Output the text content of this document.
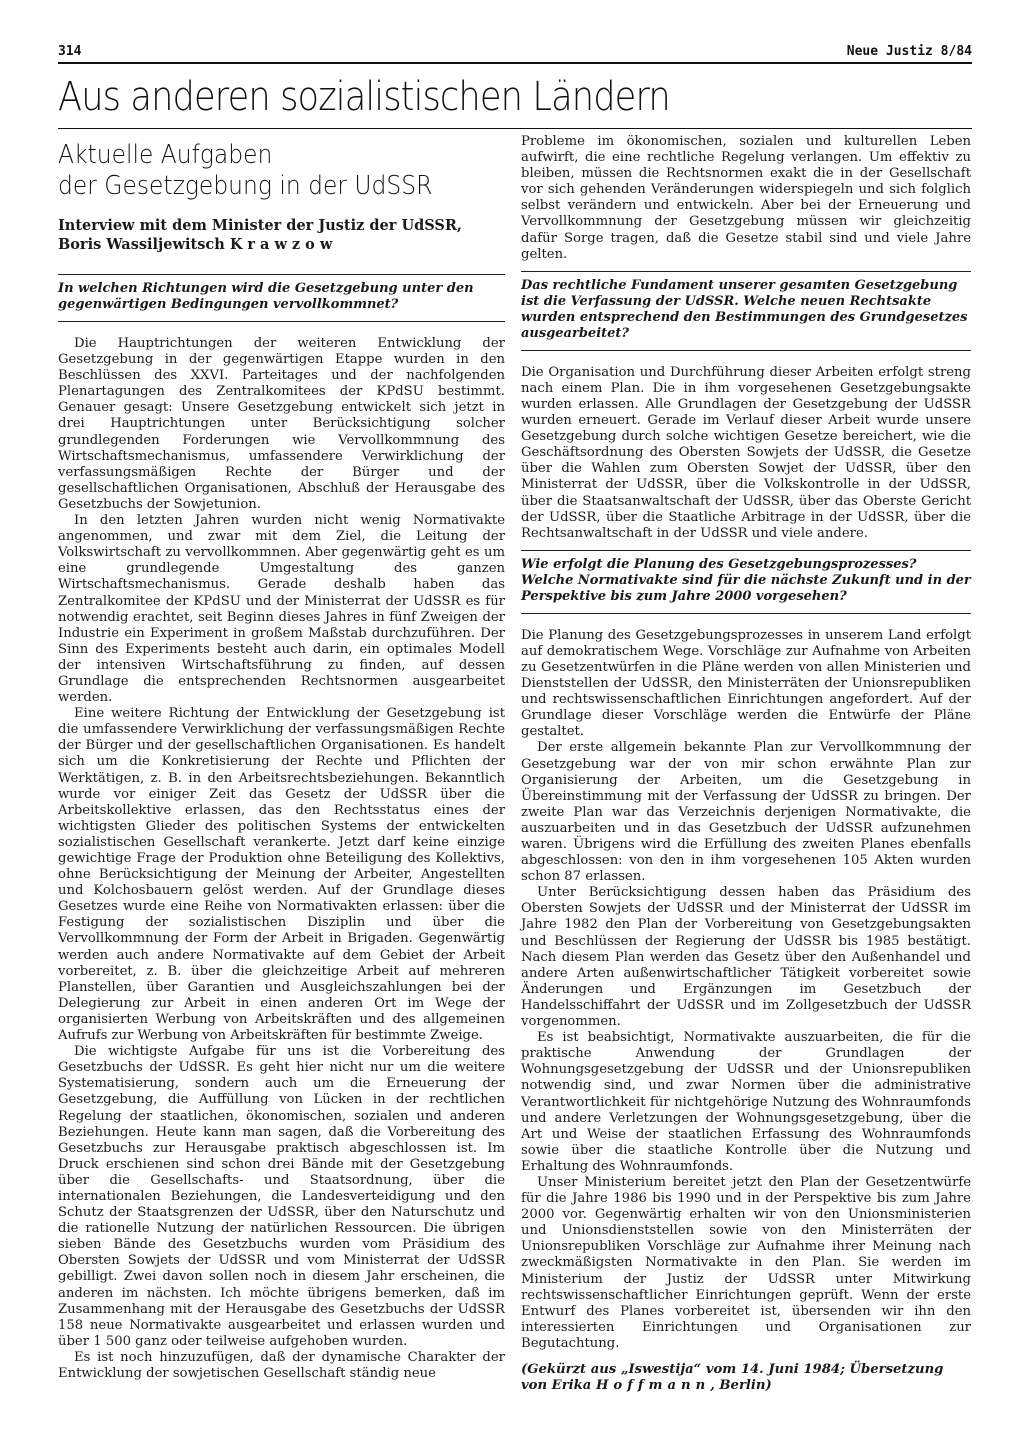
314	Neue Justiz 8/84
Aus anderen sozialistischen Ländern
Aktuelle Aufgaben
der Gesetzgebung in der UdSSR
Interview mit dem Minister der Justiz der UdSSR,
Boris Wassiljewitsch Krawzow
In welchen Richtungen wird die Gesetzgebung unter den gegenwärtigen Bedingungen vervollkommnet?

Die Hauptrichtungen der weiteren Entwicklung der Gesetzgebung in der gegenwärtigen Etappe wurden in den Beschlüssen des XXVI. Parteitages und der nachfolgenden Plenartagungen des Zentralkomitees der KPdSU bestimmt. Genauer gesagt: Unsere Gesetzgebung entwickelt sich jetzt in drei Hauptrichtungen unter Berücksichtigung solcher grundlegenden Forderungen wie Vervollkommnung des Wirtschaftsmechanismus, umfassendere Verwirklichung der verfassungsmäßigen Rechte der Bürger und der gesellschaftlichen Organisationen, Abschluß der Herausgabe des Gesetzbuchs der Sowjetunion.

In den letzten Jahren wurden nicht wenig Normativakte angenommen, und zwar mit dem Ziel, die Leitung der Volkswirtschaft zu vervollkommnen. Aber gegenwärtig geht es um eine grundlegende Umgestaltung des ganzen Wirtschaftsmechanismus. Gerade deshalb haben das Zentralkomitee der KPdSU und der Ministerrat der UdSSR es für notwendig erachtet, seit Beginn dieses Jahres in fünf Zweigen der Industrie ein Experiment in großem Maßstab durchzuführen. Der Sinn des Experiments besteht auch darin, ein optimales Modell der intensiven Wirtschaftsführung zu finden, auf dessen Grundlage die entsprechenden Rechtsnormen ausgearbeitet werden.

Eine weitere Richtung der Entwicklung der Gesetzgebung ist die umfassendere Verwirklichung der verfassungsmäßigen Rechte der Bürger und der gesellschaftlichen Organisationen. Es handelt sich um die Konkretisierung der Rechte und Pflichten der Werktätigen, z. B. in den Arbeitsrechtsbeziehungen. Bekanntlich wurde vor einiger Zeit das Gesetz der UdSSR über die Arbeitskollektive erlassen, das den Rechtsstatus eines der wichtigsten Glieder des politischen Systems der entwickelten sozialistischen Gesellschaft verankerte. Jetzt darf keine einzige gewichtige Frage der Produktion ohne Beteiligung des Kollektivs, ohne Berücksichtigung der Meinung der Arbeiter, Angestellten und Kolchosbauern gelöst werden. Auf der Grundlage dieses Gesetzes wurde eine Reihe von Normativakten erlassen: über die Festigung der sozialistischen Disziplin und über die Vervollkommnung der Form der Arbeit in Brigaden. Gegenwärtig werden auch andere Normativakte auf dem Gebiet der Arbeit vorbereitet, z. B. über die gleichzeitige Arbeit auf mehreren Planstellen, über Garantien und Ausgleichszahlungen bei der Delegierung zur Arbeit in einen anderen Ort im Wege der organisierten Werbung von Arbeitskräften und des allgemeinen Aufrufs zur Werbung von Arbeitskräften für bestimmte Zweige.

Die wichtigste Aufgabe für uns ist die Vorbereitung des Gesetzbuchs der UdSSR. Es geht hier nicht nur um die weitere Systematisierung, sondern auch um die Erneuerung der Gesetzgebung, die Auffüllung von Lücken in der rechtlichen Regelung der staatlichen, ökonomischen, sozialen und anderen Beziehungen. Heute kann man sagen, daß die Vorbereitung des Gesetzbuchs zur Herausgabe praktisch abgeschlossen ist. Im Druck erschienen sind schon drei Bände mit der Gesetzgebung über die Gesellschafts- und Staatsordnung, über die internationalen Beziehungen, die Landesverteidigung und den Schutz der Staatsgrenzen der UdSSR, über den Naturschutz und die rationelle Nutzung der natürlichen Ressourcen. Die übrigen sieben Bände des Gesetzbuchs wurden vom Präsidium des Obersten Sowjets der UdSSR und vom Ministerrat der UdSSR gebilligt. Zwei davon sollen noch in diesem Jahr erscheinen, die anderen im nächsten. Ich möchte übrigens bemerken, daß im Zusammenhang mit der Herausgabe des Gesetzbuchs der UdSSR 158 neue Normativakte ausgearbeitet und erlassen wurden und über 1 500 ganz oder teilweise aufgehoben wurden.

Es ist noch hinzuzufügen, daß der dynamische Charakter der Entwicklung der sowjetischen Gesellschaft ständig neue

Probleme im ökonomischen, sozialen und kulturellen Leben aufwirft, die eine rechtliche Regelung verlangen. Um effektiv zu bleiben, müssen die Rechtsnormen exakt die in der Gesellschaft vor sich gehenden Veränderungen widerspiegeln und sich folglich selbst verändern und entwickeln. Aber bei der Erneuerung und Vervollkommnung der Gesetzgebung müssen wir gleichzeitig dafür Sorge tragen, daß die Gesetze stabil sind und viele Jahre gelten.

Das rechtliche Fundament unserer gesamten Gesetzgebung ist die Verfassung der UdSSR. Welche neuen Rechtsakte wurden entsprechend den Bestimmungen des Grundgesetzes ausgearbeitet?

Die Organisation und Durchführung dieser Arbeiten erfolgt streng nach einem Plan. Die in ihm vorgesehenen Gesetzgebungsakte wurden erlassen. Alle Grundlagen der Gesetzgebung der UdSSR wurden erneuert. Gerade im Verlauf dieser Arbeit wurde unsere Gesetzgebung durch solche wichtigen Gesetze bereichert, wie die Geschäftsordnung des Obersten Sowjets der UdSSR, die Gesetze über die Wahlen zum Obersten Sowjet der UdSSR, über den Ministerrat der UdSSR, über die Volkskontrolle in der UdSSR, über die Staatsanwaltschaft der UdSSR, über das Oberste Gericht der UdSSR, über die Staatliche Arbitrage in der UdSSR, über die Rechtsanwaltschaft in der UdSSR und viele andere.

Wie erfolgt die Planung des Gesetzgebungsprozesses? Welche Normativakte sind für die nächste Zukunft und in der Perspektive bis zum Jahre 2000 vorgesehen?

Die Planung des Gesetzgebungsprozesses in unserem Land erfolgt auf demokratischem Wege. Vorschläge zur Aufnahme von Arbeiten zu Gesetzentwürfen in die Pläne werden von allen Ministerien und Dienststellen der UdSSR, den Ministerräten der Unionsrepubliken und rechtswissenschaftlichen Einrichtungen angefordert. Auf der Grundlage dieser Vorschläge werden die Entwürfe der Pläne gestaltet.

Der erste allgemein bekannte Plan zur Vervollkommnung der Gesetzgebung war der von mir schon erwähnte Plan zur Organisierung der Arbeiten, um die Gesetzgebung in Übereinstimmung mit der Verfassung der UdSSR zu bringen. Der zweite Plan war das Verzeichnis derjenigen Normativakte, die auszuarbeiten und in das Gesetzbuch der UdSSR aufzunehmen waren. Übrigens wird die Erfüllung des zweiten Planes ebenfalls abgeschlossen: von den in ihm vorgesehenen 105 Akten wurden schon 87 erlassen.

Unter Berücksichtigung dessen haben das Präsidium des Obersten Sowjets der UdSSR und der Ministerrat der UdSSR im Jahre 1982 den Plan der Vorbereitung von Gesetzgebungsakten und Beschlüssen der Regierung der UdSSR bis 1985 bestätigt. Nach diesem Plan werden das Gesetz über den Außenhandel und andere Arten außenwirtschaftlicher Tätigkeit vorbereitet sowie Änderungen und Ergänzungen im Gesetzbuch der Handelsschiffahrt der UdSSR und im Zollgesetzbuch der UdSSR vorgenommen.

Es ist beabsichtigt, Normativakte auszuarbeiten, die für die praktische Anwendung der Grundlagen der Wohnungsgesetzgebung der UdSSR und der Unionsrepubliken notwendig sind, und zwar Normen über die administrative Verantwortlichkeit für nichtgehörige Nutzung des Wohnraumfonds und andere Verletzungen der Wohnungsgesetzgebung, über die Art und Weise der staatlichen Erfassung des Wohnraumfonds sowie über die staatliche Kontrolle über die Nutzung und Erhaltung des Wohnraumfonds.

Unser Ministerium bereitet jetzt den Plan der Gesetzentwürfe für die Jahre 1986 bis 1990 und in der Perspektive bis zum Jahre 2000 vor. Gegenwärtig erhalten wir von den Unionsministerien und Unionsdienststellen sowie von den Ministerräten der Unionsrepubliken Vorschläge zur Aufnahme ihrer Meinung nach zweckmäßigsten Normativakte in den Plan. Sie werden im Ministerium der Justiz der UdSSR unter Mitwirkung rechtswissenschaftlicher Einrichtungen geprüft. Wenn der erste Entwurf des Planes vorbereitet ist, übersenden wir ihn den interessierten Einrichtungen und Organisationen zur Begutachtung.

(Gekürzt aus „Iswestija“ vom 14. Juni 1984; Übersetzung von Erika Hoffmann, Berlin)
